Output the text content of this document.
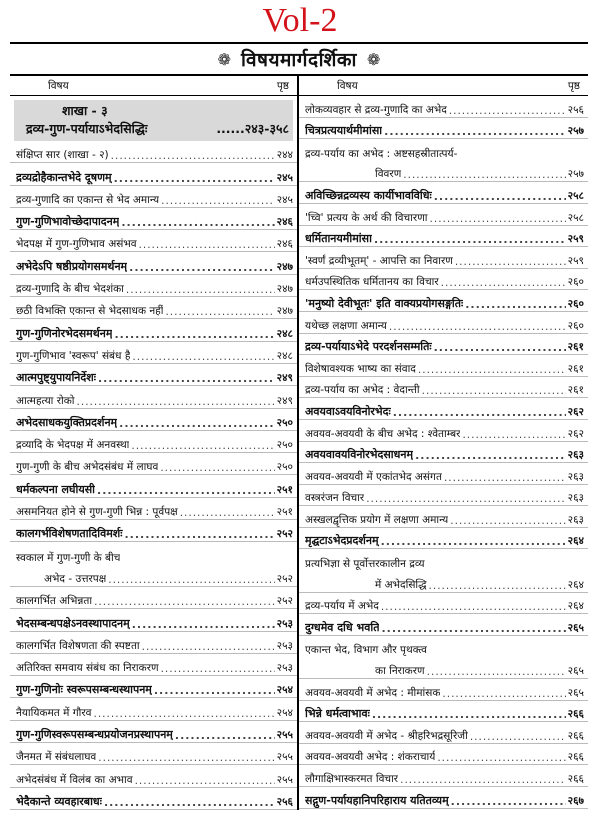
Vol-2
❁ विषयमार्गदर्शिका ❁
विषय	पृष्ठ
शाखा - ३
द्रव्य-गुण-पर्यायाऽभेदसिद्धिः	......२४३-३५८
संक्षिप्त सार (शाखा - २) .....	२४४
द्रव्यद्रोहैकान्तभेदे दूषणम् .....	२४५
द्रव्य-गुणादि का एकान्त से भेद अमान्य .....	२४५
गुण-गुणिभावोच्छेदापादनम् .....	२४६
भेदपक्ष में गुण-गुणिभाव असंभव .....	२४६
अभेदेऽपि षष्ठीप्रयोगसमर्थनम् .....	२४७
द्रव्य-गुणादि के बीच भेदशंका .....	२४७
छठी विभक्ति एकान्त से भेदसाधक नहीं .....	२४७
गुण-गुणिनोरभेदसमर्थनम् .....	२४८
गुण-गुणिभाव 'स्वरूप' संबंध है .....	२४८
आत्मपुष्ट्युपायनिर्देशः .....	२४९
आत्महत्या रोको .....	२४९
अभेदसाधकयुक्तिप्रदर्शनम् .....	२५०
द्रव्यादि के भेदपक्ष में अनवस्था .....	२५०
गुण-गुणी के बीच अभेदसंबंध में लाघव .....	२५०
धर्मकल्पना लघीयसी .....	२५१
असमनियत होने से गुण-गुणी भिन्न : पूर्वपक्ष .....	२५१
कालगर्भविशेषणतादिविमर्शः .....	२५२
स्वकाल में गुण-गुणी के बीच
अभेद - उत्तरपक्ष .....	२५२
कालगर्भित अभिन्नता .....	२५२
भेदसम्बन्धपक्षेऽनवस्थापादनम् .....	२५३
कालगर्भित विशेषणता की स्पष्टता .....	२५३
अतिरिक्त समवाय संबंध का निराकरण .....	२५३
गुण-गुणिनोः स्वरूपसम्बन्धस्थापनम् .....	२५४
नैयायिकमत में गौरव .....	२५४
गुण-गुणिस्वरूपसम्बन्धप्रयोजनप्रस्थापनम् .....	२५५
जैनमत में संबंधलाघव .....	२५५
अभेदसंबंध में विलंब का अभाव .....	२५५
भेदैकान्ते व्यवहारबाधः .....	२५६
विषय	पृष्ठ
लोकव्यवहार से द्रव्य-गुणादि का अभेद .....	२५६
चित्रप्रत्ययार्थमीमांसा .....	२५७
द्रव्य-पर्याय का अभेद : अष्टसहस्रीतात्पर्य-
विवरण .....	२५७
अविच्छिन्नद्रव्यस्य कार्यीभावविधिः .....	२५८
'च्वि' प्रत्यय के अर्थ की विचारणा .....	२५८
धर्मितानयमीमांसा .....	२५९
'स्वर्णं द्रव्यीभूतम्' - आपत्ति का निवारण .....	२५९
धर्मउपस्थितिक धर्मितानय का विचार .....	२६०
'मनुष्यो देवीभूतः' इति वाक्यप्रयोगसङ्गतिः .....	२६०
यथेच्छ लक्षणा अमान्य .....	२६०
द्रव्य-पर्यायाऽभेदे परदर्शनसम्मतिः .....	२६१
विशेषावश्यक भाष्य का संवाद .....	२६१
द्रव्य-पर्याय का अभेद : वेदान्ती .....	२६१
अवयवाऽवयविनोरभेदः .....	२६२
अवयव-अवयवी के बीच अभेद : श्वेताम्बर .....	२६२
अवयवावयविनोरभेदसाधनम् .....	२६३
अवयव-अवयवी में एकांतभेद असंगत .....	२६३
वस्त्ररंजन विचार .....	२६३
अस्खलद्वृत्तिक प्रयोग में लक्षणा अमान्य .....	२६३
मृद्घटाऽभेदप्रदर्शनम् .....	२६४
प्रत्यभिज्ञा से पूर्वोत्तरकालीन द्रव्य
में अभेदसिद्धि .....	२६४
द्रव्य-पर्याय में अभेद .....	२६४
दुग्धमेव दधि भवति .....	२६५
एकान्त भेद, विभाग और पृथक्त्व
का निराकरण .....	२६५
अवयव-अवयवी में अभेद : मीमांसक .....	२६५
भिन्ने धर्मत्वाभावः .....	२६६
अवयव-अवयवी में अभेद - श्रीहरिभद्रसूरिजी .....	२६६
अवयव-अवयवी अभेद : शंकराचार्य .....	२६६
लौगाक्षिभास्करमत विचार .....	२६६
सद्गुण-पर्यायहानिपरिहाराय यतितव्यम् .....	२६७
